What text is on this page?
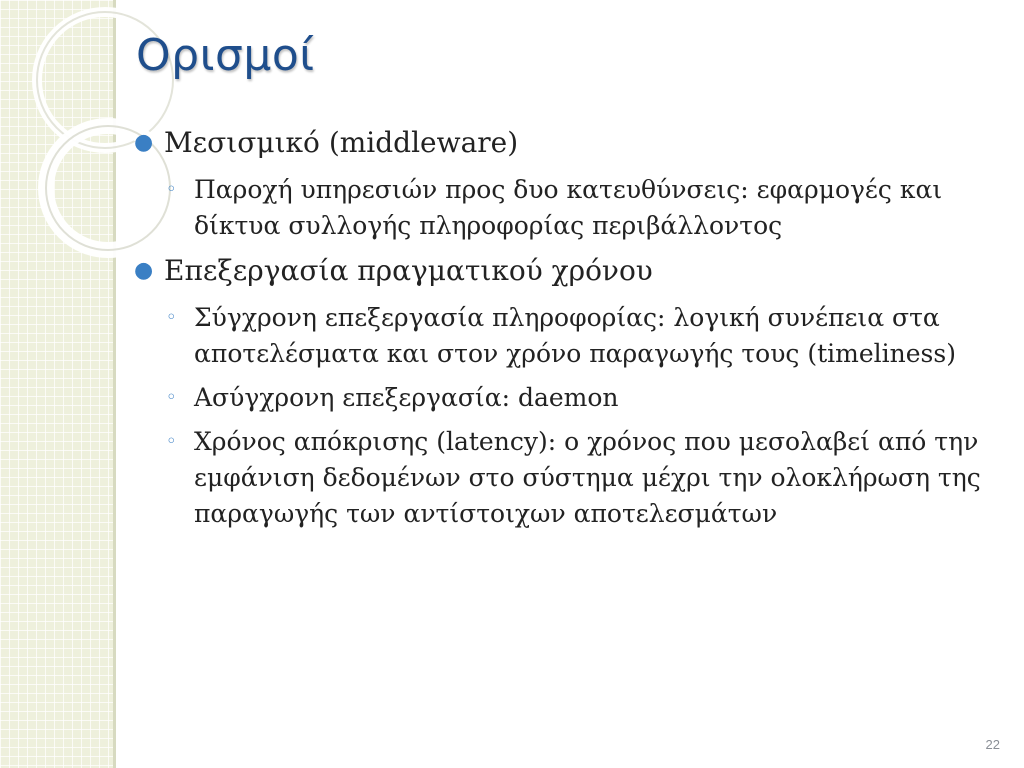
Ορισμοί
● Μεσισμικό (middleware)
◦ Παροχή υπηρεσιών προς δυο κατευθύνσεις: εφαρμογές και δίκτυα συλλογής πληροφορίας περιβάλλοντος
● Επεξεργασία πραγματικού χρόνου
◦ Σύγχρονη επεξεργασία πληροφορίας: λογική συνέπεια στα αποτελέσματα και στον χρόνο παραγωγής τους (timeliness)
◦ Ασύγχρονη επεξεργασία: daemon
◦ Χρόνος απόκρισης (latency): ο χρόνος που μεσολαβεί από την εμφάνιση δεδομένων στο σύστημα μέχρι την ολοκλήρωση της παραγωγής των αντίστοιχων αποτελεσμάτων
22
